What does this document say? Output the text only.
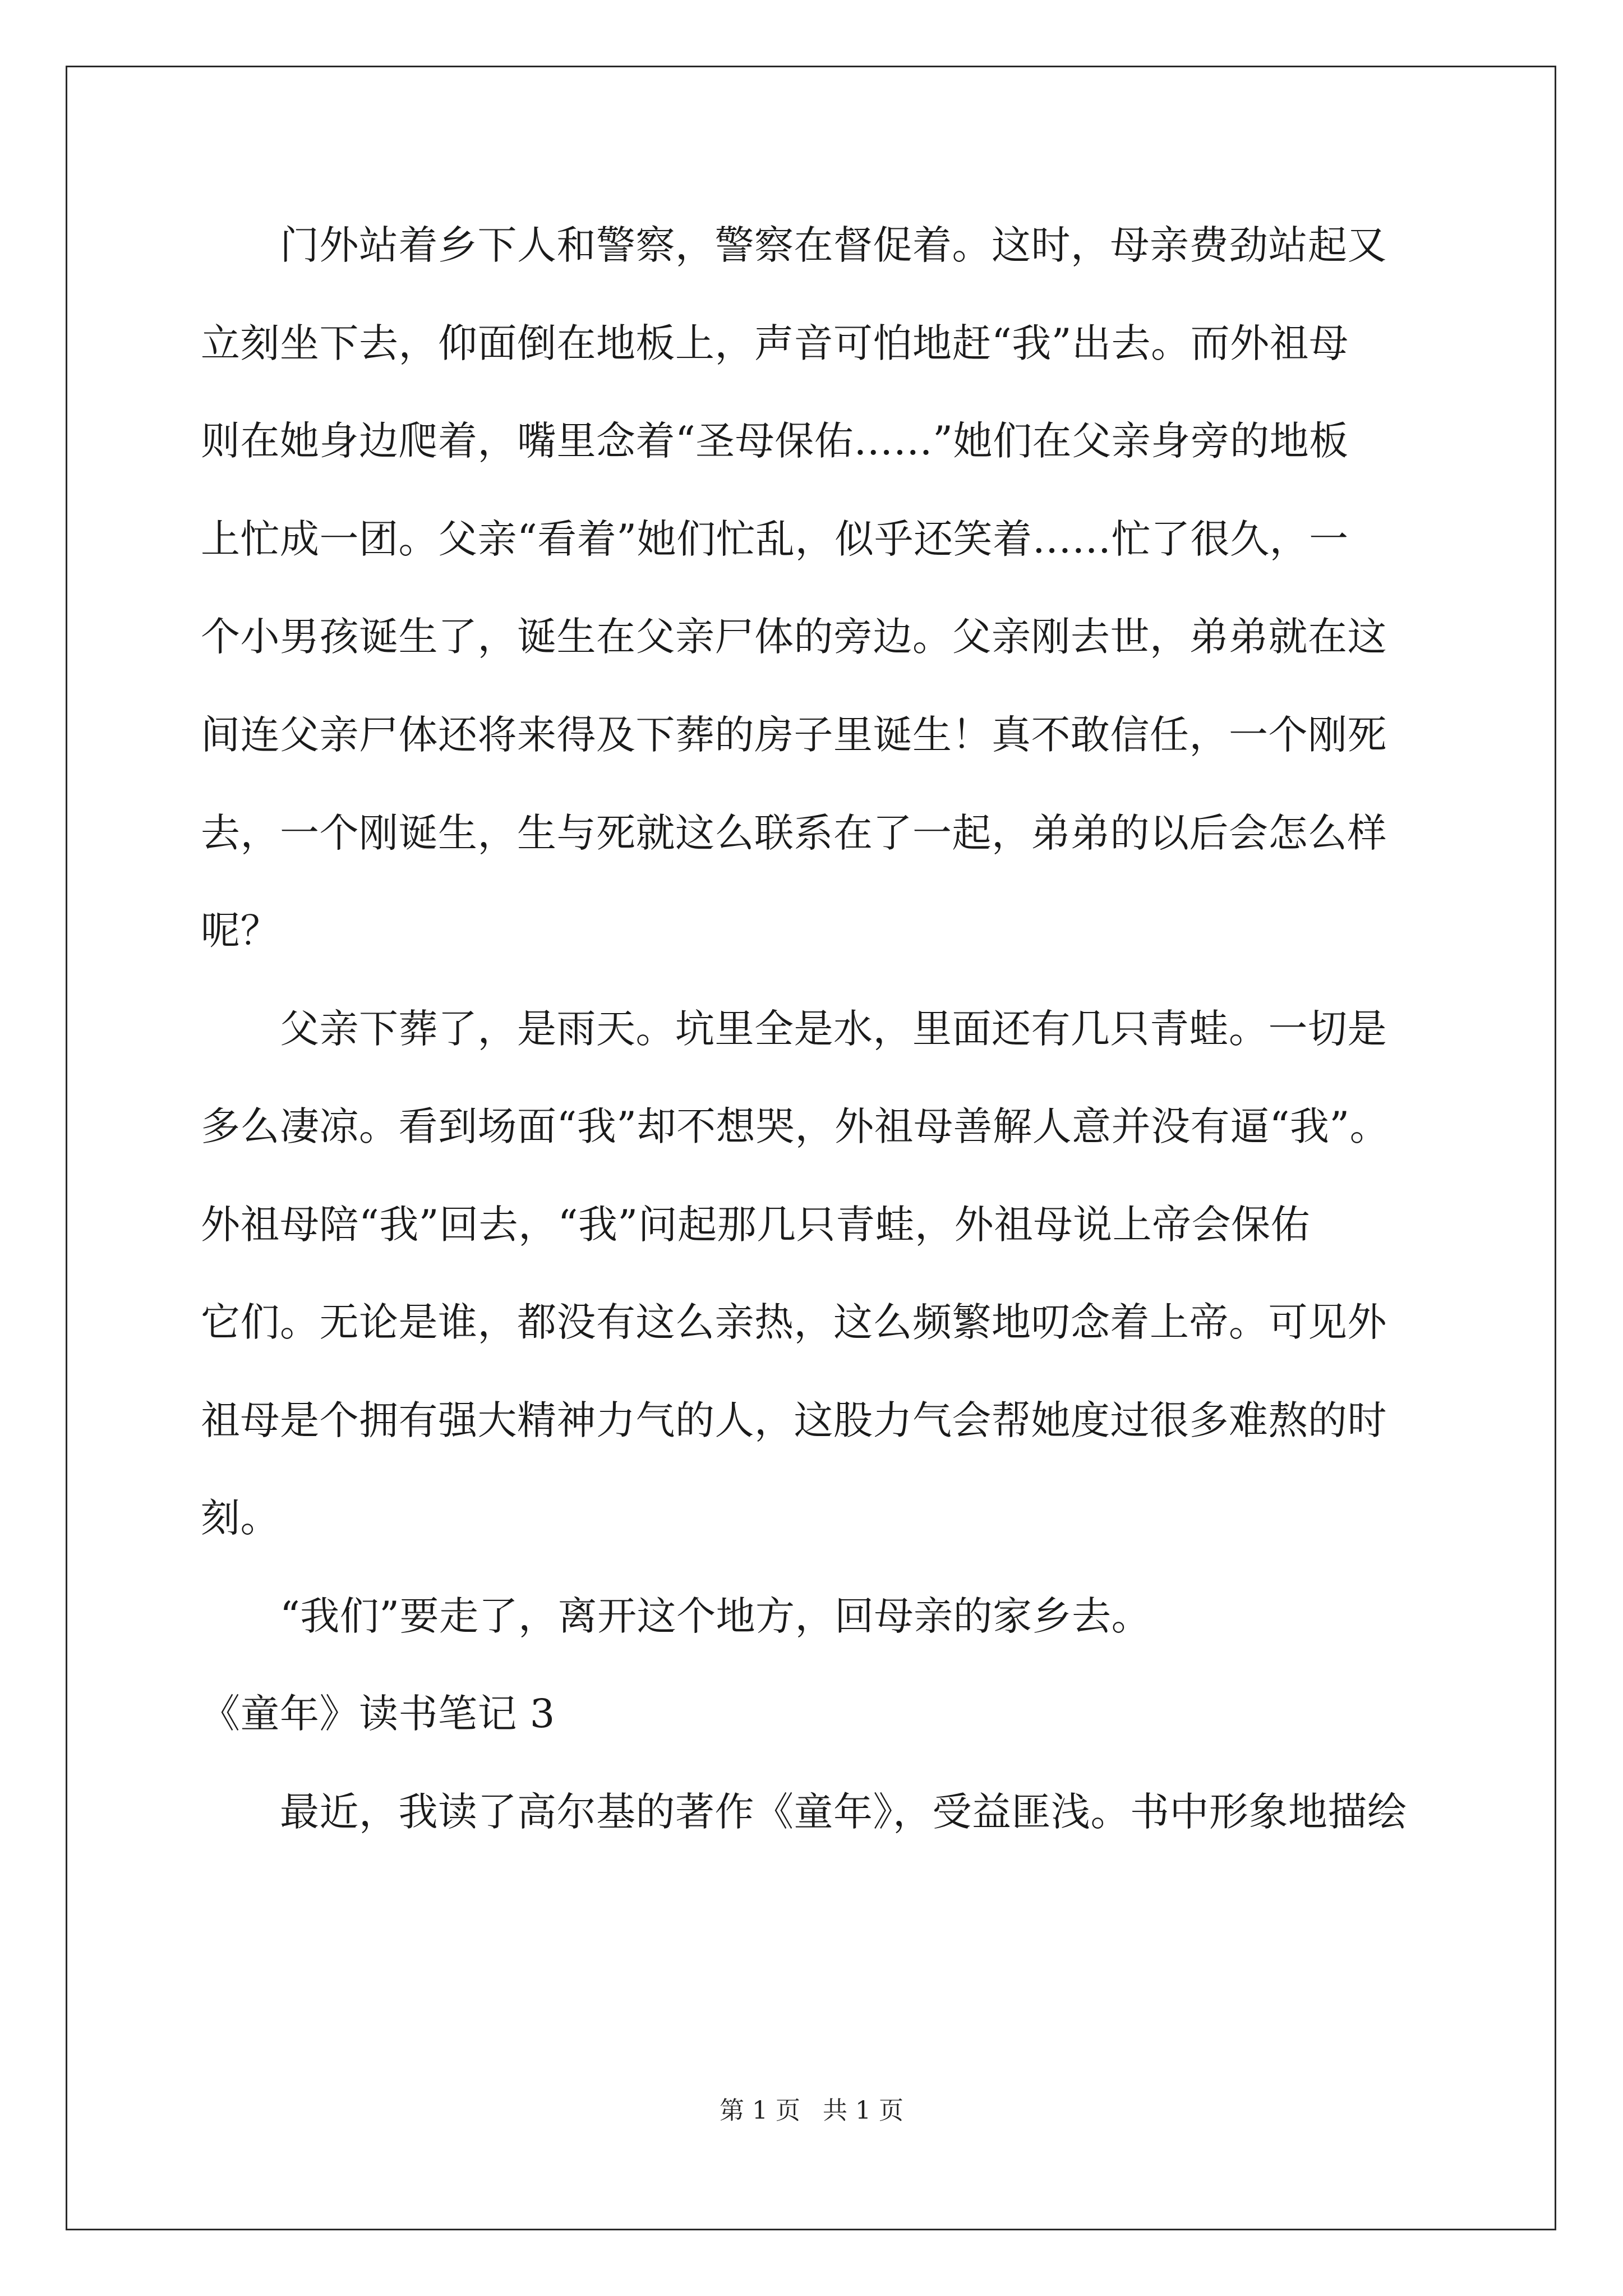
　　门外站着乡下人和警察，警察在督促着。这时，母亲费劲站起又
立刻坐下去，仰面倒在地板上，声音可怕地赶“我”出去。而外祖母
则在她身边爬着，嘴里念着“圣母保佑……”她们在父亲身旁的地板
上忙成一团。父亲“看着”她们忙乱，似乎还笑着……忙了很久，一
个小男孩诞生了，诞生在父亲尸体的旁边。父亲刚去世，弟弟就在这
间连父亲尸体还将来得及下葬的房子里诞生！真不敢信任，一个刚死
去，一个刚诞生，生与死就这么联系在了一起，弟弟的以后会怎么样
呢？
　　父亲下葬了，是雨天。坑里全是水，里面还有几只青蛙。一切是
多么凄凉。看到场面“我”却不想哭，外祖母善解人意并没有逼“我”。
外祖母陪“我”回去，“我”问起那几只青蛙，外祖母说上帝会保佑
它们。无论是谁，都没有这么亲热，这么频繁地叨念着上帝。可见外
祖母是个拥有强大精神力气的人，这股力气会帮她度过很多难熬的时
刻。
　　“我们”要走了，离开这个地方，回母亲的家乡去。
《童年》读书笔记 3
　　最近，我读了高尔基的著作《童年》，受益匪浅。书中形象地描绘
第 1 页 共 1 页
